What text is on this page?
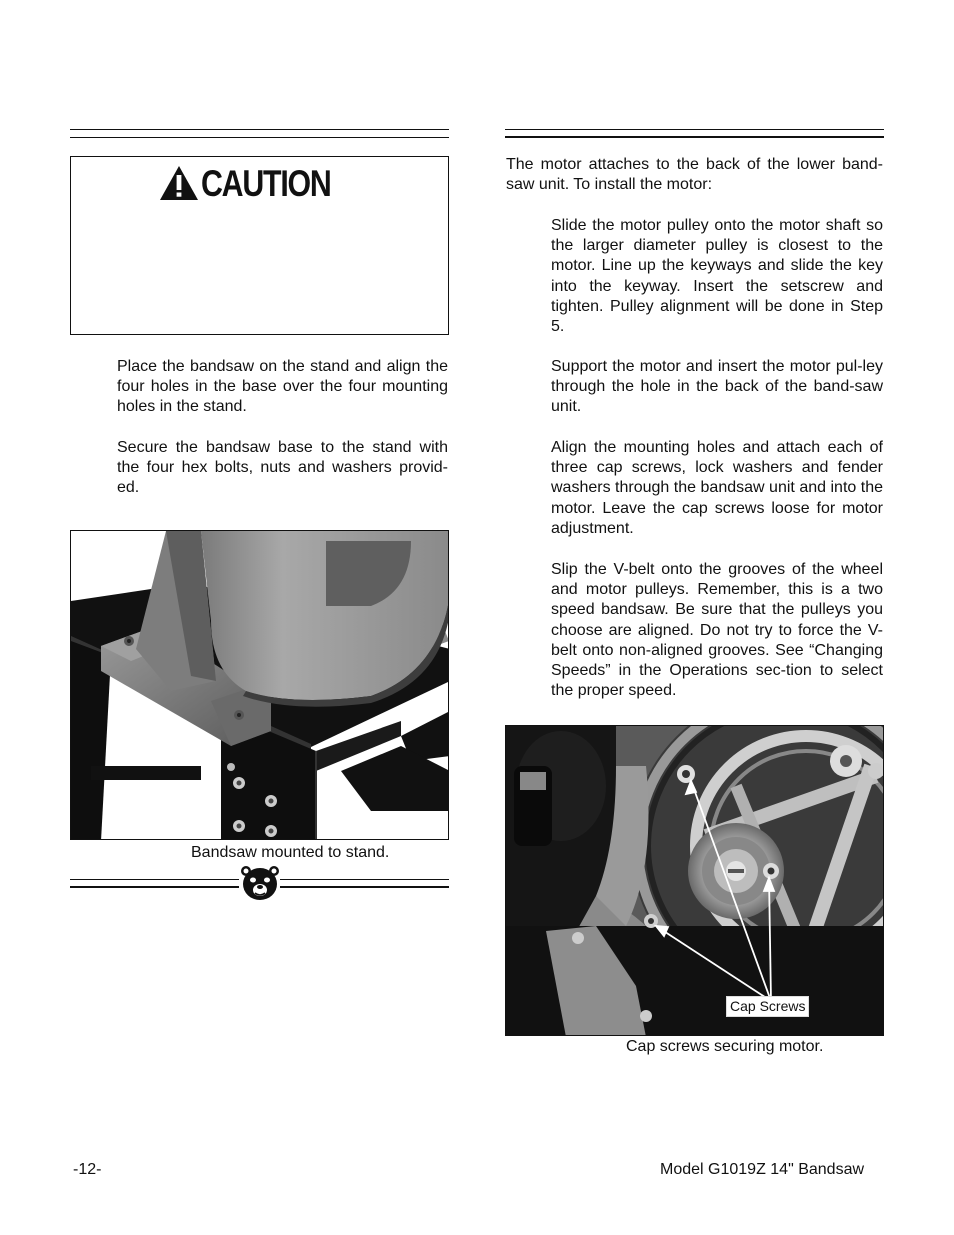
CAUTION

Place the bandsaw on the stand and align the four holes in the base over the four mounting holes in the stand.

Secure the bandsaw base to the stand with the four hex bolts, nuts and washers provid-ed.

Bandsaw mounted to stand.

The motor attaches to the back of the lower band-saw unit. To install the motor:

Slide the motor pulley onto the motor shaft so the larger diameter pulley is closest to the motor. Line up the keyways and slide the key into the keyway. Insert the setscrew and tighten. Pulley alignment will be done in Step 5.

Support the motor and insert the motor pul-ley through the hole in the back of the band-saw unit.

Align the mounting holes and attach each of three cap screws, lock washers and fender washers through the bandsaw unit and into the motor. Leave the cap screws loose for motor adjustment.

Slip the V-belt onto the grooves of the wheel and motor pulleys. Remember, this is a two speed bandsaw. Be sure that the pulleys you choose are aligned. Do not try to force the V-belt onto non-aligned grooves. See “Changing Speeds” in the Operations sec-tion to select the proper speed.

Cap Screws
Cap screws securing motor.
-12-	Model G1019Z 14" Bandsaw
